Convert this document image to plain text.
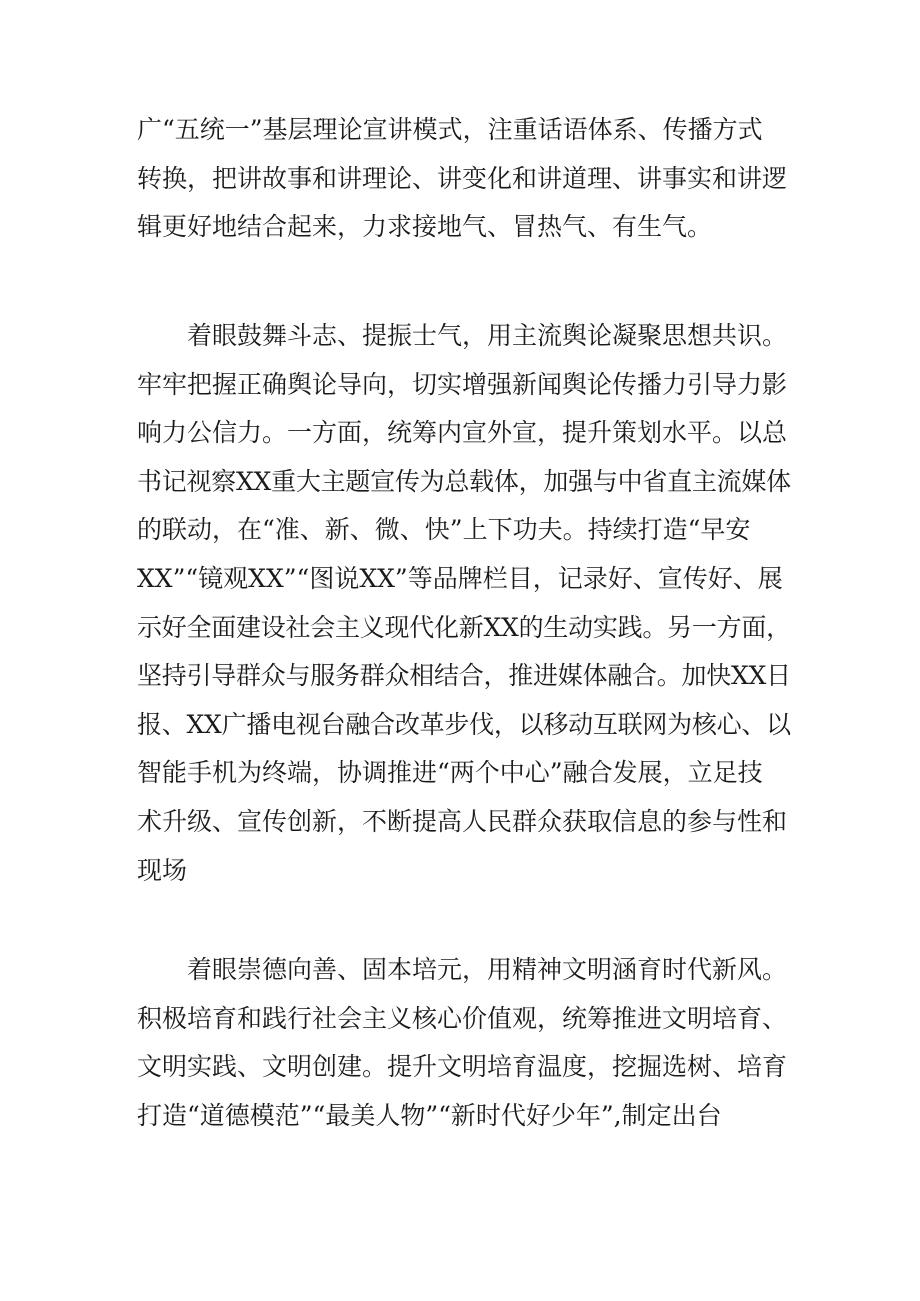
广“五统一”基层理论宣讲模式，注重话语体系、传播方式
转换，把讲故事和讲理论、讲变化和讲道理、讲事实和讲逻
辑更好地结合起来，力求接地气、冒热气、有生气。

着眼鼓舞斗志、提振士气，用主流舆论凝聚思想共识。
牢牢把握正确舆论导向，切实增强新闻舆论传播力引导力影
响力公信力。一方面，统筹内宣外宣，提升策划水平。以总
书记视察XX重大主题宣传为总载体，加强与中省直主流媒体
的联动，在“准、新、微、快”上下功夫。持续打造“早安
XX”“镜观XX”“图说XX”等品牌栏目，记录好、宣传好、展
示好全面建设社会主义现代化新XX的生动实践。另一方面，
坚持引导群众与服务群众相结合，推进媒体融合。加快XX日
报、XX广播电视台融合改革步伐，以移动互联网为核心、以
智能手机为终端，协调推进“两个中心”融合发展，立足技
术升级、宣传创新，不断提高人民群众获取信息的参与性和
现场

着眼崇德向善、固本培元，用精神文明涵育时代新风。
积极培育和践行社会主义核心价值观，统筹推进文明培育、
文明实践、文明创建。提升文明培育温度，挖掘选树、培育
打造“道德模范”“最美人物”“新时代好少年”,制定出台
